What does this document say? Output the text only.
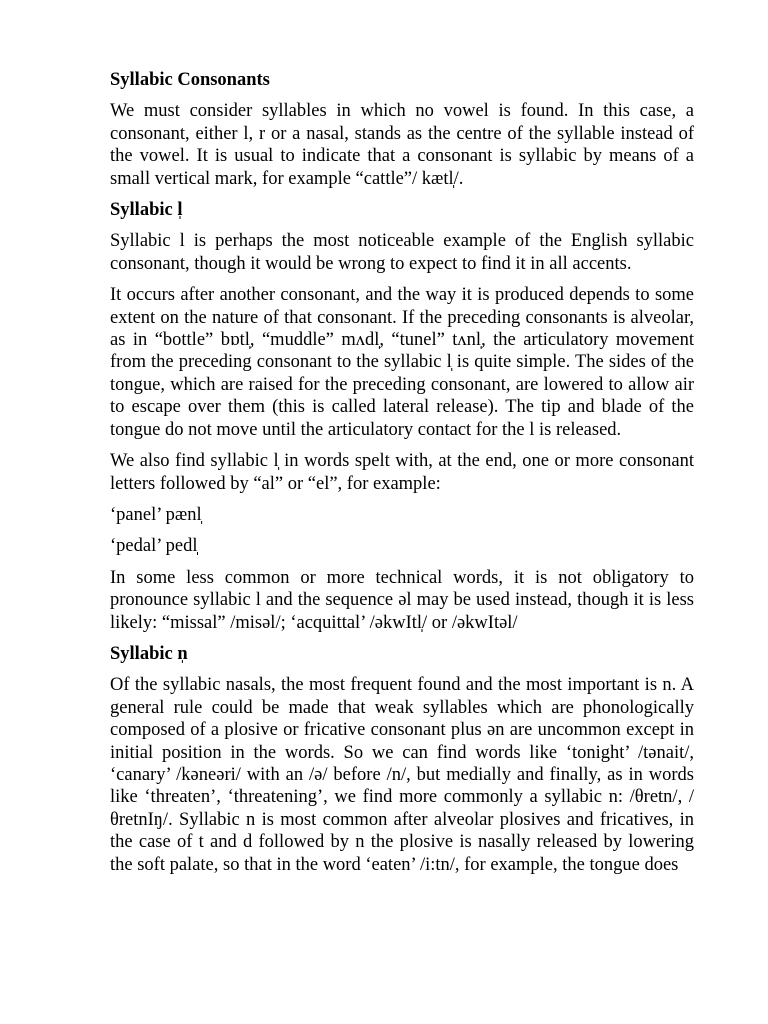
Syllabic Consonants

We must consider syllables in which no vowel is found. In this case, a consonant, either l, r or a nasal, stands as the centre of the syllable instead of the vowel. It is usual to indicate that a consonant is syllabic by means of a small vertical mark, for example “cattle”/ kætl̩/.

Syllabic l̩

Syllabic l is perhaps the most noticeable example of the English syllabic consonant, though it would be wrong to expect to find it in all accents.

It occurs after another consonant, and the way it is produced depends to some extent on the nature of that consonant. If the preceding consonants is alveolar, as in “bottle” bɒtl̩, “muddle” mʌdl̩, “tunel” tʌnl̩, the articulatory movement from the preceding consonant to the syllabic l̩ is quite simple. The sides of the tongue, which are raised for the preceding consonant, are lowered to allow air to escape over them (this is called lateral release). The tip and blade of the tongue do not move until the articulatory contact for the l is released.

We also find syllabic l̩ in words spelt with, at the end, one or more consonant letters followed by “al” or “el”, for example:

‘panel’ pænl̩

‘pedal’ pedl̩

In some less common or more technical words, it is not obligatory to pronounce syllabic l and the sequence əl may be used instead, though it is less likely: “missal” /misəl/; ‘acquittal’ /əkwItl̩/ or /əkwItəl/

Syllabic n̩

Of the syllabic nasals, the most frequent found and the most important is n. A general rule could be made that weak syllables which are phonologically composed of a plosive or fricative consonant plus ən are uncommon except in initial position in the words. So we can find words like ‘tonight’ /tənait/, ‘canary’ /kəneəri/ with an /ə/ before /n/, but medially and finally, as in words like ‘threaten’, ‘threatening’, we find more commonly a syllabic n: /θretn/, /θretnIŋ/. Syllabic n is most common after alveolar plosives and fricatives, in the case of t and d followed by n the plosive is nasally released by lowering the soft palate, so that in the word ‘eaten’ /i:tn/, for example, the tongue does
